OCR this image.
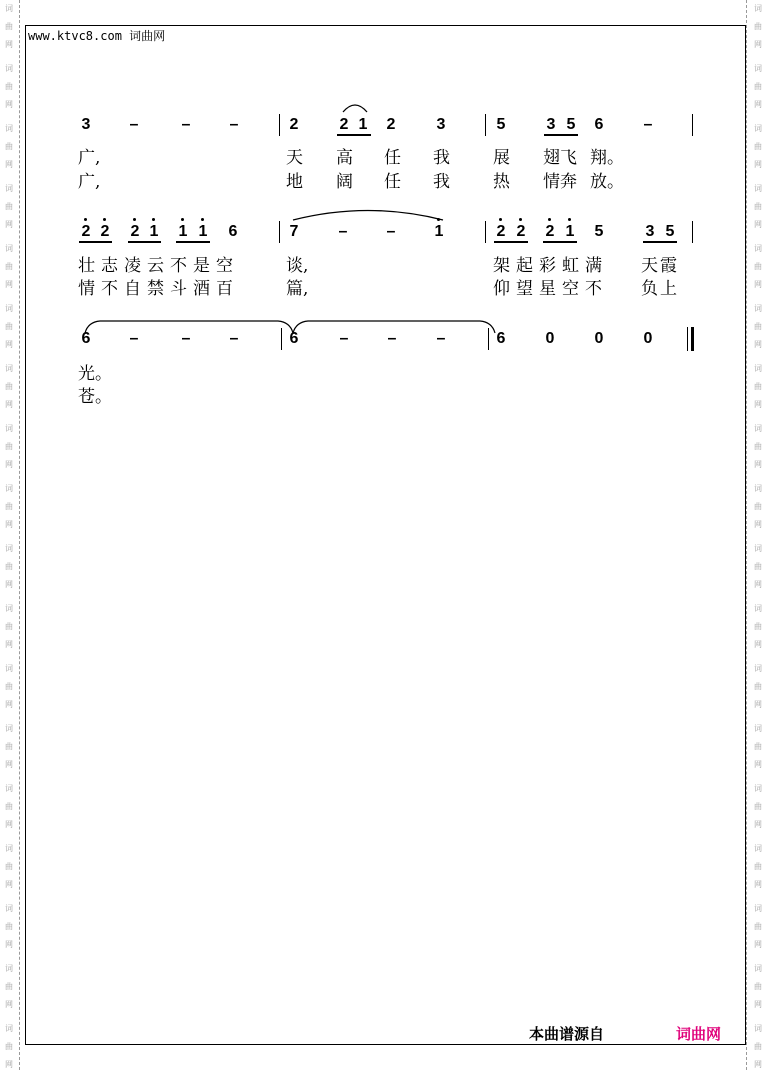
词
曲
网
词
曲
网
词
曲
网
词
曲
网
词
曲
网
词
曲
网
词
曲
网
词
曲
网
词
曲
网
词
曲
网
词
曲
网
词
曲
网
词
曲
网
词
曲
网
词
曲
网
词
曲
网
词
曲
网
词
曲
网
词
曲
网
词
曲
网
词
曲
网
词
曲
网
词
曲
网
词
曲
网
词
曲
网
词
曲
网
词
曲
网
词
曲
网
词
曲
网
词
曲
网
词
曲
网
词
曲
网
词
曲
网
词
曲
网
词
曲
网
词
曲
网
www.ktvc8.com 词曲网
3 –	– –	2	2 1 2	3	5	3 5 6	–
广,	天 高 任 我	展 翅飞 翔。
广,	地 阔 任 我	热 情奔 放。
2 2 2 1 1 1 6	7	– – 1	2 2 2 1 5	3 5
壮志凌云不是空	谈,	架起彩虹满 天霞
情不自禁斗酒百	篇,	仰望星空不 负上
6 –	– –	6	– –	–	6	0	0	0
光。
苍。
本曲谱源自	词曲网
